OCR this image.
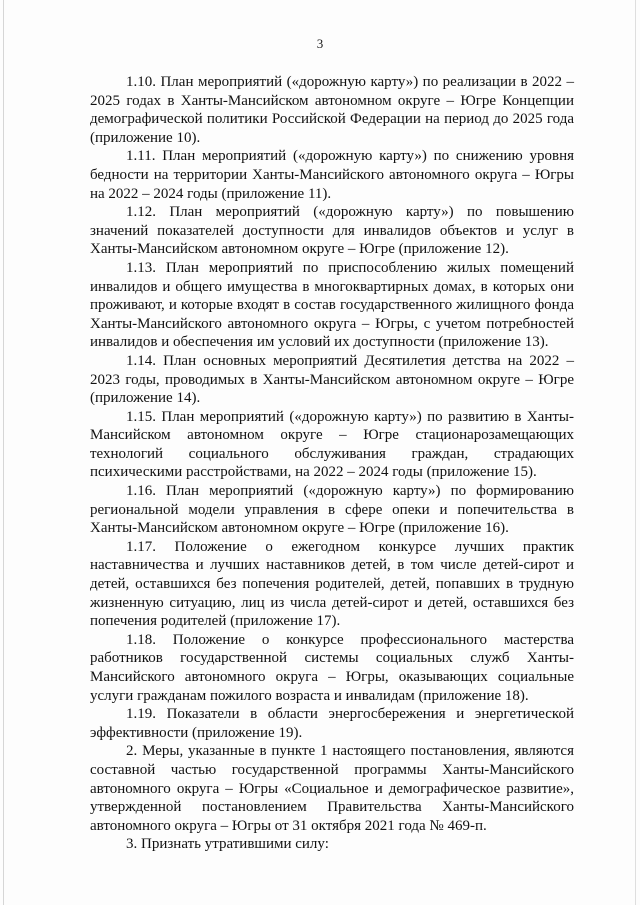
3

1.10. План мероприятий («дорожную карту») по реализации в 2022 – 2025 годах в Ханты-Мансийском автономном округе – Югре Концепции демографической политики Российской Федерации на период до 2025 года (приложение 10).

1.11. План мероприятий («дорожную карту») по снижению уровня бедности на территории Ханты-Мансийского автономного округа – Югры на 2022 – 2024 годы (приложение 11).

1.12. План мероприятий («дорожную карту») по повышению значений показателей доступности для инвалидов объектов и услуг в Ханты-Мансийском автономном округе – Югре (приложение 12).

1.13. План мероприятий по приспособлению жилых помещений инвалидов и общего имущества в многоквартирных домах, в которых они проживают, и которые входят в состав государственного жилищного фонда Ханты-Мансийского автономного округа – Югры, с учетом потребностей инвалидов и обеспечения им условий их доступности (приложение 13).

1.14. План основных мероприятий Десятилетия детства на 2022 – 2023 годы, проводимых в Ханты-Мансийском автономном округе – Югре (приложение 14).

1.15. План мероприятий («дорожную карту») по развитию в Ханты-Мансийском автономном округе – Югре стационарозамещающих технологий социального обслуживания граждан, страдающих психическими расстройствами, на 2022 – 2024 годы (приложение 15).

1.16. План мероприятий («дорожную карту») по формированию региональной модели управления в сфере опеки и попечительства в Ханты-Мансийском автономном округе – Югре (приложение 16).

1.17. Положение о ежегодном конкурсе лучших практик наставничества и лучших наставников детей, в том числе детей-сирот и детей, оставшихся без попечения родителей, детей, попавших в трудную жизненную ситуацию, лиц из числа детей-сирот и детей, оставшихся без попечения родителей (приложение 17).

1.18. Положение о конкурсе профессионального мастерства работников государственной системы социальных служб Ханты-Мансийского автономного округа – Югры, оказывающих социальные услуги гражданам пожилого возраста и инвалидам (приложение 18).

1.19. Показатели в области энергосбережения и энергетической эффективности (приложение 19).

2. Меры, указанные в пункте 1 настоящего постановления, являются составной частью государственной программы Ханты-Мансийского автономного округа – Югры «Социальное и демографическое развитие», утвержденной постановлением Правительства Ханты-Мансийского автономного округа – Югры от 31 октября 2021 года № 469-п.

3. Признать утратившими силу:
